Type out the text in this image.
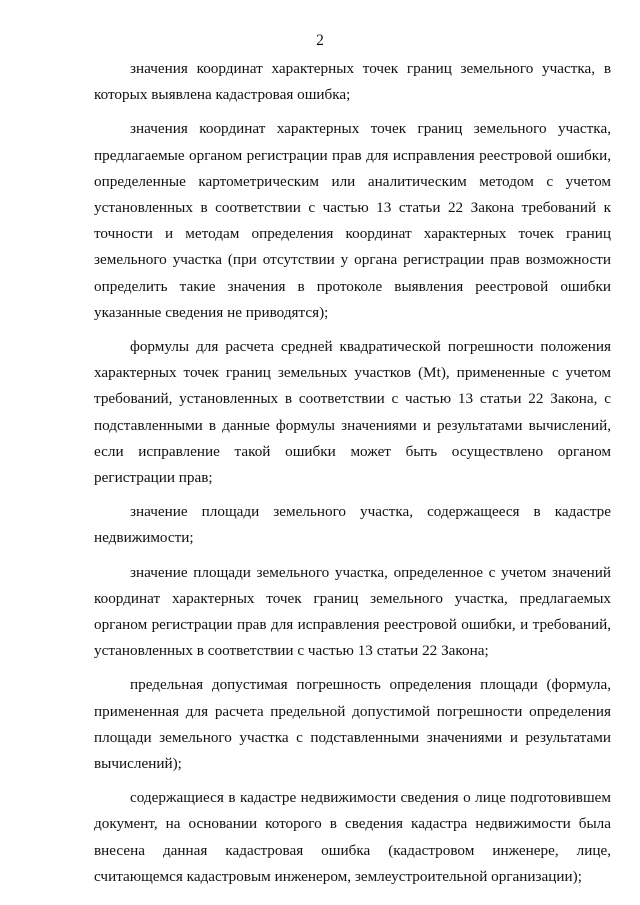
2

значения координат характерных точек границ земельного участка, в которых выявлена кадастровая ошибка;

значения координат характерных точек границ земельного участка, предлагаемые органом регистрации прав для исправления реестровой ошибки, определенные картометрическим или аналитическим методом с учетом установленных в соответствии с частью 13 статьи 22 Закона требований к точности и методам определения координат характерных точек границ земельного участка (при отсутствии у органа регистрации прав возможности определить такие значения в протоколе выявления реестровой ошибки указанные сведения не приводятся);

формулы для расчета средней квадратической погрешности положения характерных точек границ земельных участков (Mt), примененные с учетом требований, установленных в соответствии с частью 13 статьи 22 Закона, с подставленными в данные формулы значениями и результатами вычислений, если исправление такой ошибки может быть осуществлено органом регистрации прав;

значение площади земельного участка, содержащееся в кадастре недвижимости;

значение площади земельного участка, определенное с учетом значений координат характерных точек границ земельного участка, предлагаемых органом регистрации прав для исправления реестровой ошибки, и требований, установленных в соответствии с частью 13 статьи 22 Закона;

предельная допустимая погрешность определения площади (формула, примененная для расчета предельной допустимой погрешности определения площади земельного участка с подставленными значениями и результатами вычислений);

содержащиеся в кадастре недвижимости сведения о лице подготовившем документ, на основании которого в сведения кадастра недвижимости была внесена данная кадастровая ошибка (кадастровом инженере, лице, считающемся кадастровым инженером, землеустроительной организации);
